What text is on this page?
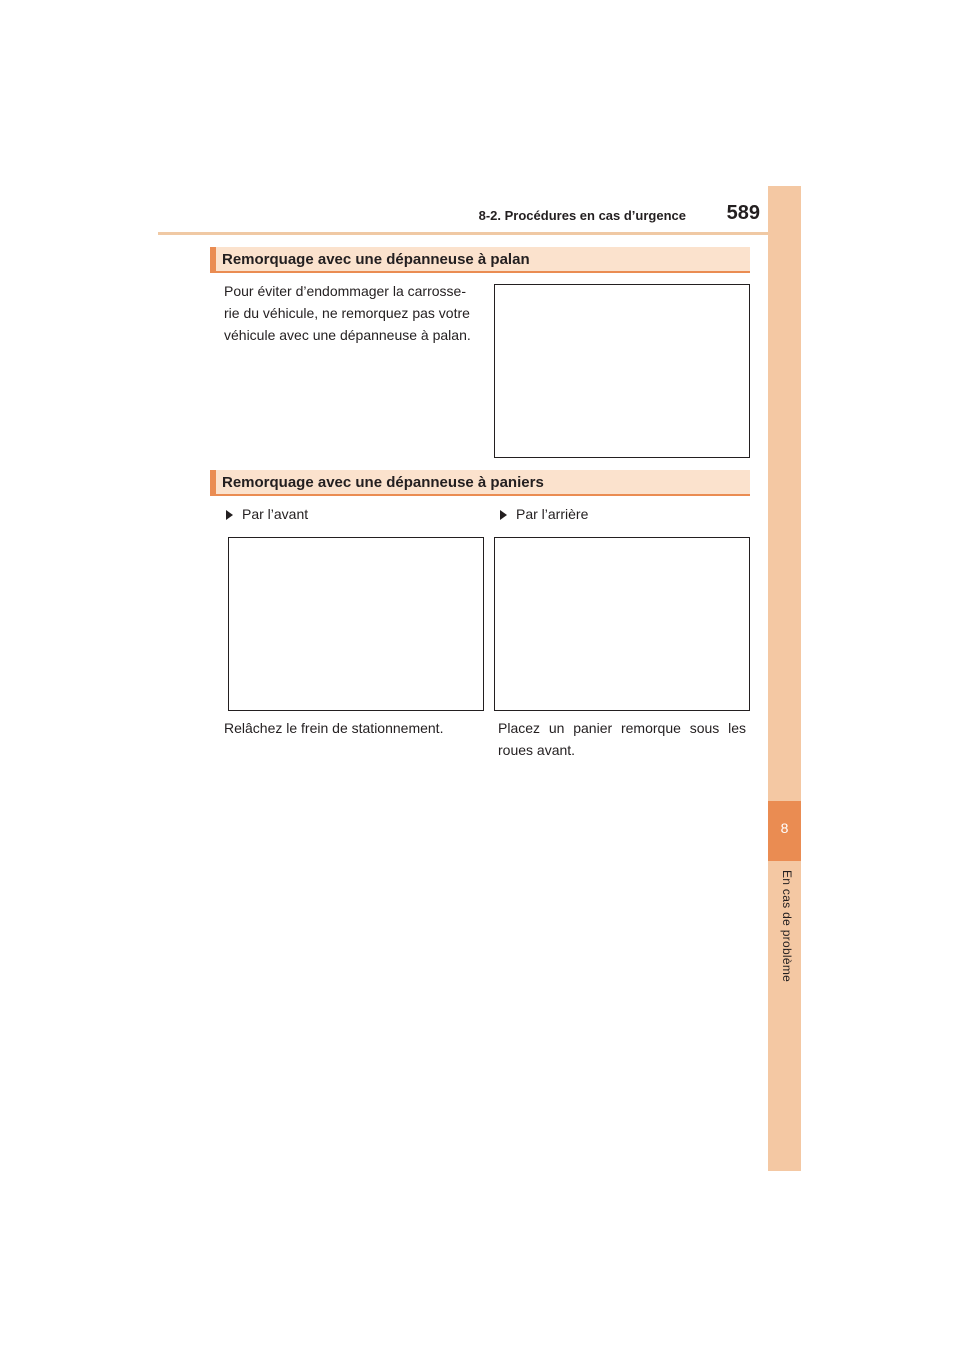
8-2. Procédures en cas d’urgence	589
8
En cas de problème
Remorquage avec une dépanneuse à palan
Pour éviter d’endommager la carrosse-
rie du véhicule, ne remorquez pas votre
véhicule avec une dépanneuse à palan.
Remorquage avec une dépanneuse à paniers
Par l’avant
Relâchez le frein de stationnement.
Par l’arrière
Placez un panier remorque sous les
roues avant.
